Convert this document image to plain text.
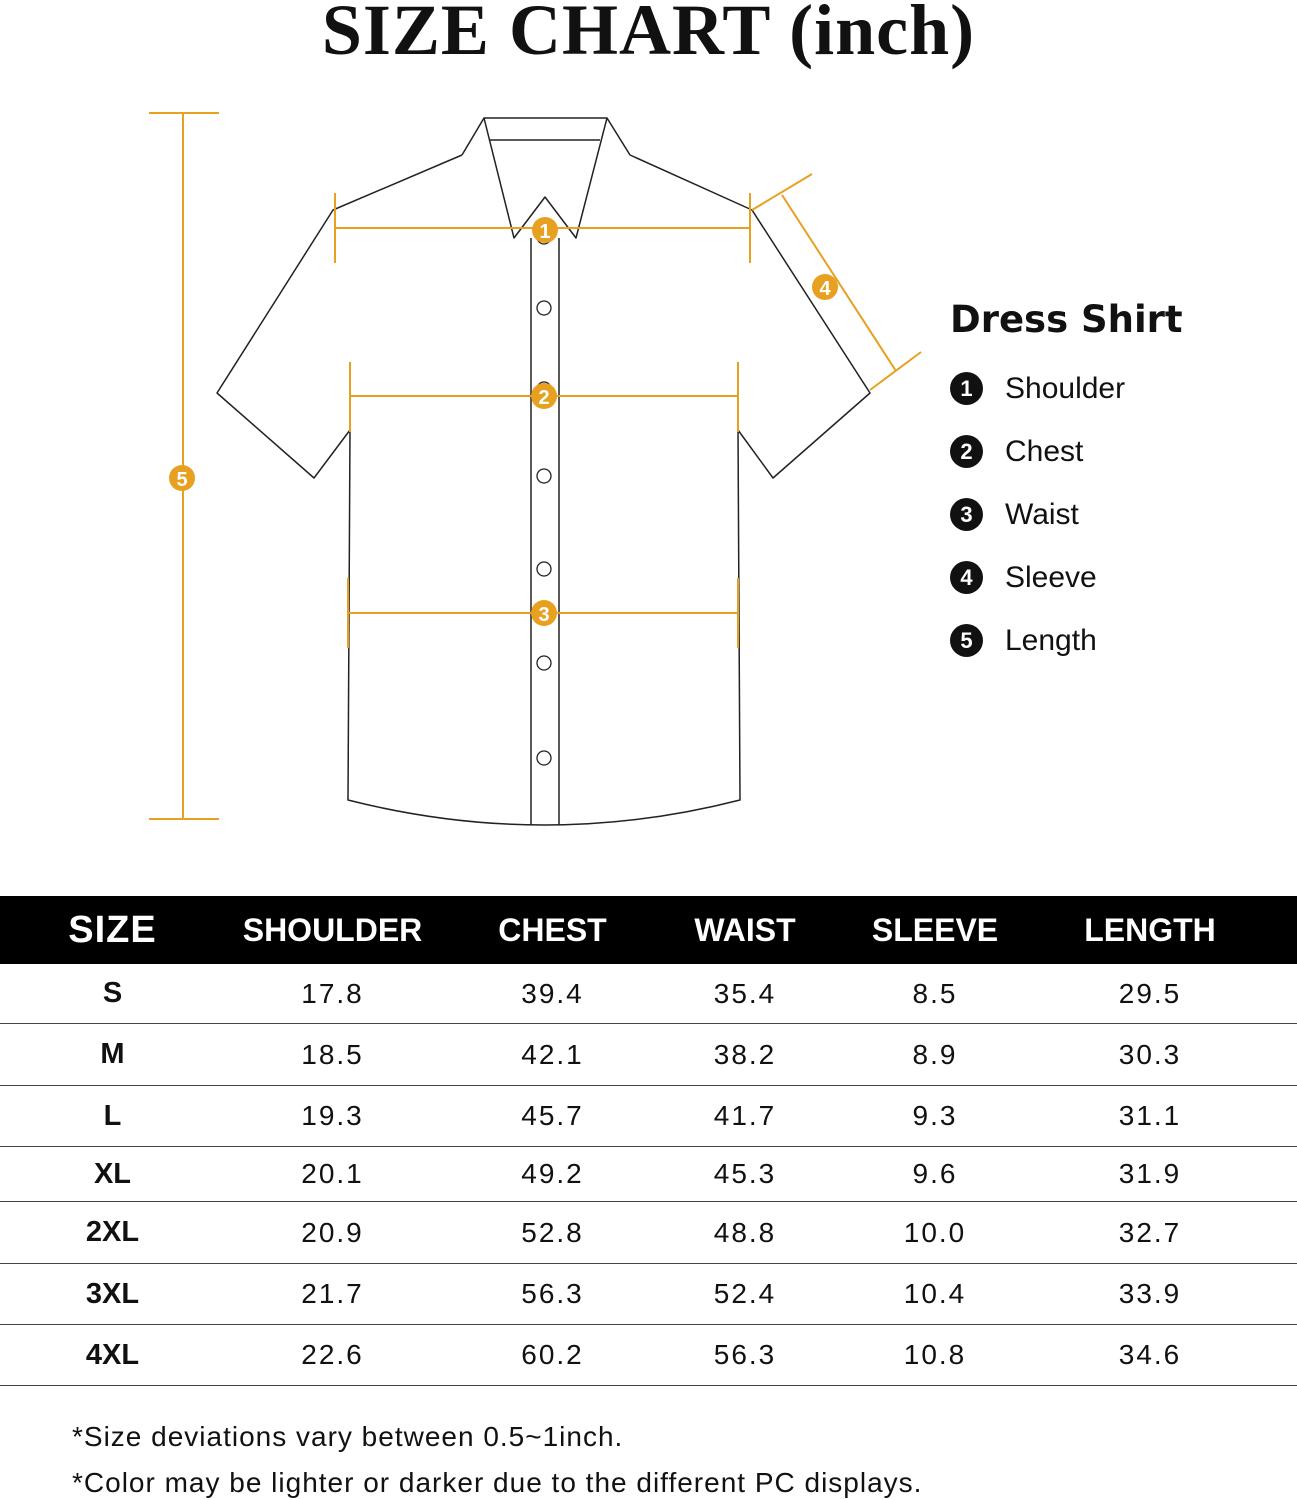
SIZE CHART (inch)
1
2
3
4
5
Dress Shirt
1	Shoulder
2	Chest
3	Waist
4	Sleeve
5	Length
SIZE	SHOULDER	CHEST	WAIST	SLEEVE	LENGTH
S	17.8	39.4	35.4	8.5	29.5
M	18.5	42.1	38.2	8.9	30.3
L	19.3	45.7	41.7	9.3	31.1
XL	20.1	49.2	45.3	9.6	31.9
2XL	20.9	52.8	48.8	10.0	32.7
3XL	21.7	56.3	52.4	10.4	33.9
4XL	22.6	60.2	56.3	10.8	34.6
*Size deviations vary between 0.5~1inch.
*Color may be lighter or darker due to the different PC displays.
